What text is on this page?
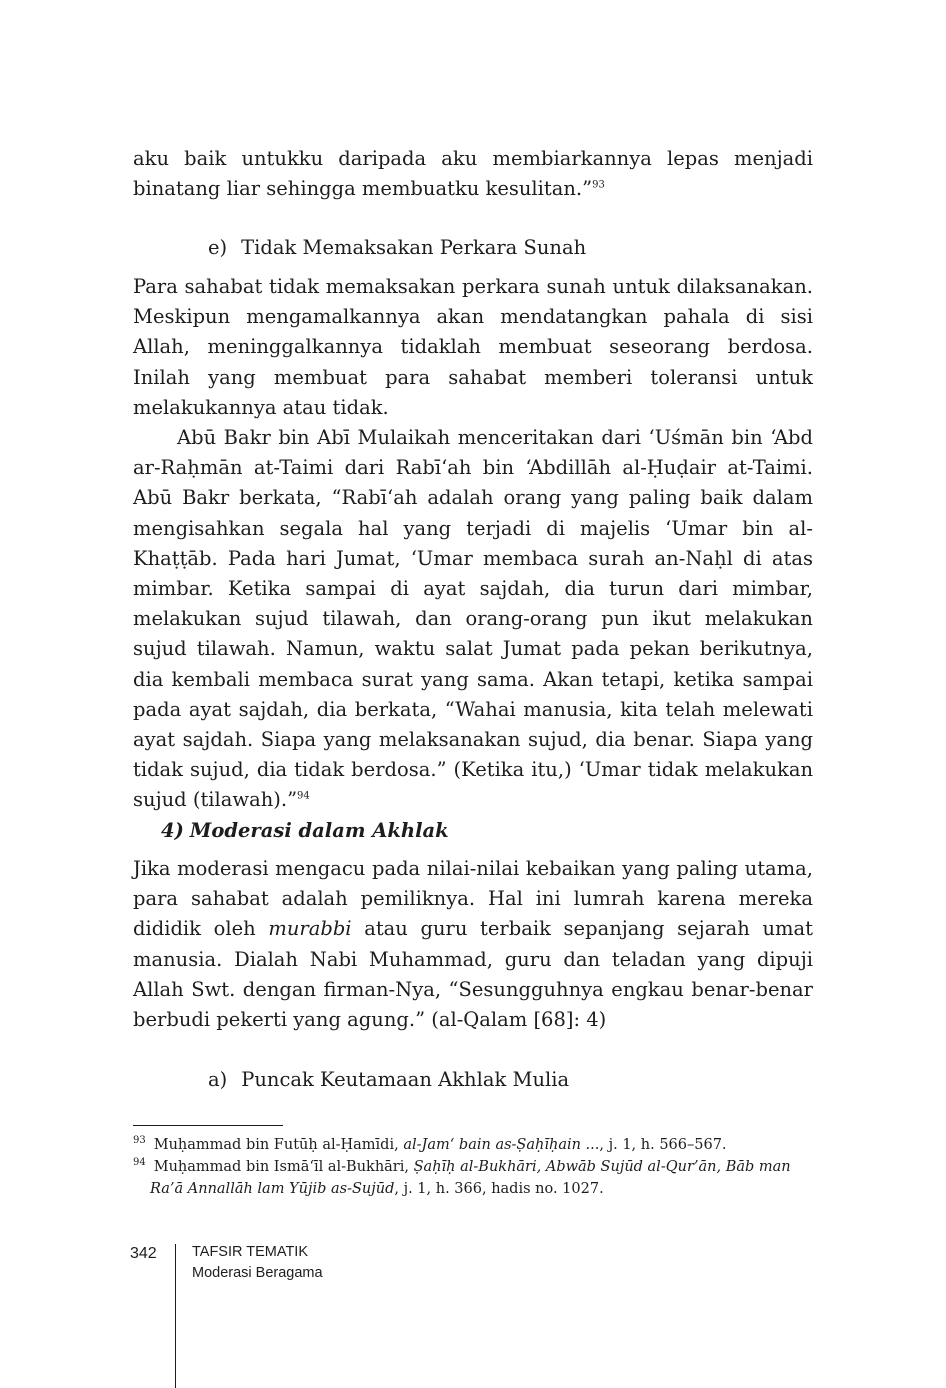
aku baik untukku daripada aku membiarkannya lepas menjadi binatang liar sehingga membuatku kesulitan.”$^{93}$

e) Tidak Memaksakan Perkara Sunah

Para sahabat tidak memaksakan perkara sunah untuk dilaksanakan. Meskipun mengamalkannya akan mendatangkan pahala di sisi Allah, meninggalkannya tidaklah membuat seseorang berdosa. Inilah yang membuat para sahabat memberi toleransi untuk melakukannya atau tidak.

Abū Bakr bin Abī Mulaikah menceritakan dari ‘Uśmān bin ‘Abd ar-Raḥmān at-Taimi dari Rabī‘ah bin ‘Abdillāh al-Ḥuḍair at-Taimi. Abū Bakr berkata, “Rabī‘ah adalah orang yang paling baik dalam mengisahkan segala hal yang terjadi di majelis ‘Umar bin al-Khaṭṭāb. Pada hari Jumat, ‘Umar membaca surah an-Naḥl di atas mimbar. Ketika sampai di ayat sajdah, dia turun dari mimbar, melakukan sujud tilawah, dan orang-orang pun ikut melakukan sujud tilawah. Namun, waktu salat Jumat pada pekan berikutnya, dia kembali membaca surat yang sama. Akan tetapi, ketika sampai pada ayat sajdah, dia berkata, “Wahai manusia, kita telah melewati ayat sajdah. Siapa yang melaksanakan sujud, dia benar. Siapa yang tidak sujud, dia tidak berdosa.” (Ketika itu,) ‘Umar tidak melakukan sujud (tilawah).”$^{94}$

4) Moderasi dalam Akhlak

Jika moderasi mengacu pada nilai-nilai kebaikan yang paling utama, para sahabat adalah pemiliknya. Hal ini lumrah karena mereka dididik oleh murabbi atau guru terbaik sepanjang sejarah umat manusia. Dialah Nabi Muhammad, guru dan teladan yang dipuji Allah Swt. dengan firman-Nya, “Sesungguhnya engkau benar-benar berbudi pekerti yang agung.” (al-Qalam [68]: 4)

a) Puncak Keutamaan Akhlak Mulia

$^{93}$ Muḥammad bin Futūḥ al-Ḥamīdi, al-Jam‘ bain as-Ṣaḥīḥain ..., j. 1, h. 566–567.

$^{94}$ Muḥammad bin Ismā‘īl al-Bukhāri, Ṣaḥīḥ al-Bukhāri, Abwāb Sujūd al-Qur’ān, Bāb man
Ra’ā Annallāh lam Yūjib as-Sujūd, j. 1, h. 366, hadis no. 1027.

342 TAFSIR TEMATIK
Moderasi Beragama
